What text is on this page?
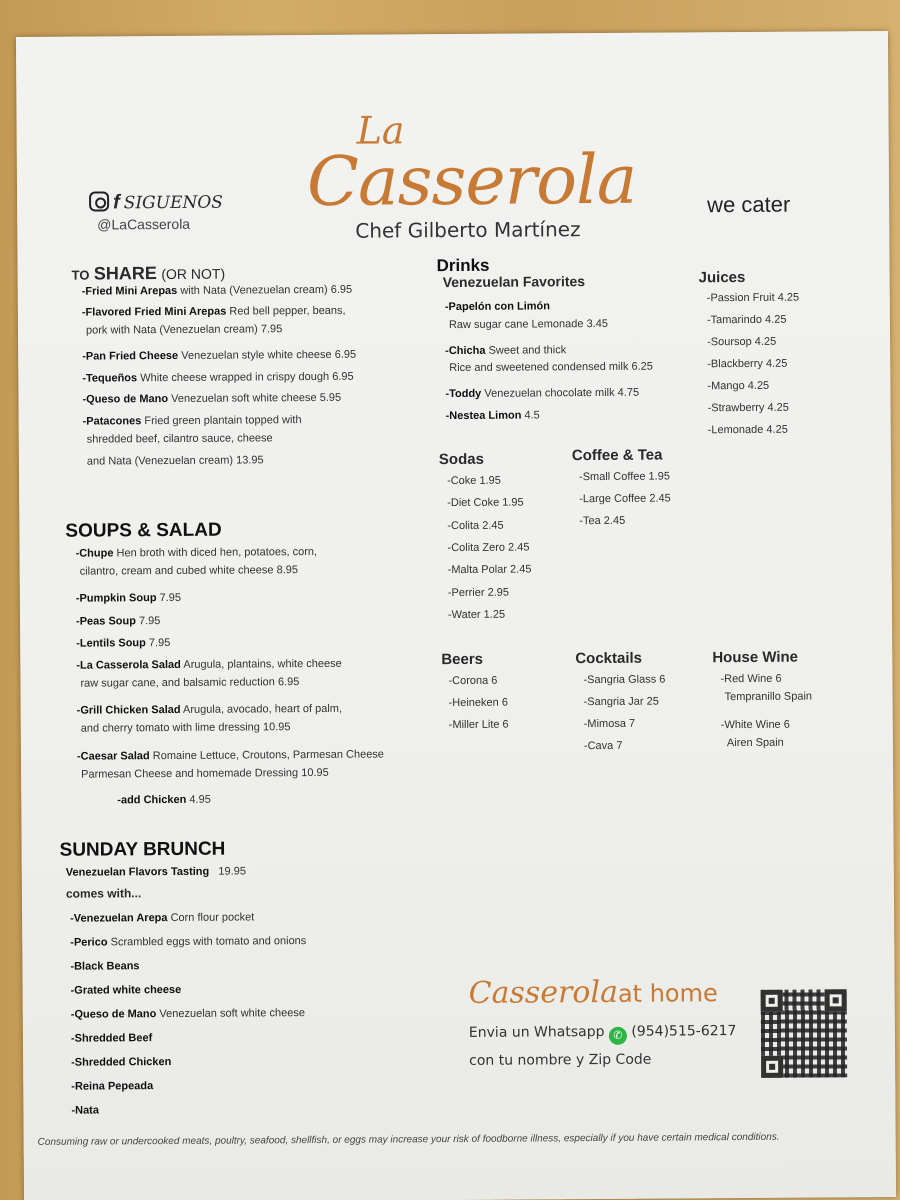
La
Casserola
Chef Gilberto Martínez
f SIGUENOS
@LaCasserola
we cater
TO SHARE (OR NOT)
-Fried Mini Arepas with Nata (Venezuelan cream) 6.95
-Flavored Fried Mini Arepas Red bell pepper, beans,
pork with Nata (Venezuelan cream) 7.95
-Pan Fried Cheese Venezuelan style white cheese 6.95
-Tequeños White cheese wrapped in crispy dough 6.95
-Queso de Mano Venezuelan soft white cheese 5.95
-Patacones Fried green plantain topped with
shredded beef, cilantro sauce, cheese
and Nata (Venezuelan cream) 13.95
SOUPS & SALAD
-Chupe Hen broth with diced hen, potatoes, corn,
cilantro, cream and cubed white cheese 8.95
-Pumpkin Soup 7.95
-Peas Soup 7.95
-Lentils Soup 7.95
-La Casserola Salad Arugula, plantains, white cheese
raw sugar cane, and balsamic reduction 6.95
-Grill Chicken Salad Arugula, avocado, heart of palm,
and cherry tomato with lime dressing 10.95
-Caesar Salad Romaine Lettuce, Croutons, Parmesan Cheese
Parmesan Cheese and homemade Dressing 10.95
-add Chicken 4.95
SUNDAY BRUNCH
Venezuelan Flavors Tasting 19.95
comes with...
-Venezuelan Arepa Corn flour pocket
-Perico Scrambled eggs with tomato and onions
-Black Beans
-Grated white cheese
-Queso de Mano Venezuelan soft white cheese
-Shredded Beef
-Shredded Chicken
-Reina Pepeada
-Nata
Drinks
Venezuelan Favorites
-Papelón con Limón
Raw sugar cane Lemonade 3.45
-Chicha Sweet and thick
Rice and sweetened condensed milk 6.25
-Toddy Venezuelan chocolate milk 4.75
-Nestea Limon 4.5
Juices
-Passion Fruit 4.25
-Tamarindo 4.25
-Soursop 4.25
-Blackberry 4.25
-Mango 4.25
-Strawberry 4.25
-Lemonade 4.25
Sodas
-Coke 1.95
-Diet Coke 1.95
-Colita 2.45
-Colita Zero 2.45
-Malta Polar 2.45
-Perrier 2.95
-Water 1.25
Coffee & Tea
-Small Coffee 1.95
-Large Coffee 2.45
-Tea 2.45
Beers
-Corona 6
-Heineken 6
-Miller Lite 6
Cocktails
-Sangria Glass 6
-Sangria Jar 25
-Mimosa 7
-Cava 7
House Wine
-Red Wine 6
Tempranillo Spain
-White Wine 6
Airen Spain
Casserolaat home
Envia un Whatsapp ✆ (954)515-6217
con tu nombre y Zip Code
Consuming raw or undercooked meats, poultry, seafood, shellfish, or eggs may increase your risk of foodborne illness, especially if you have certain medical conditions.
